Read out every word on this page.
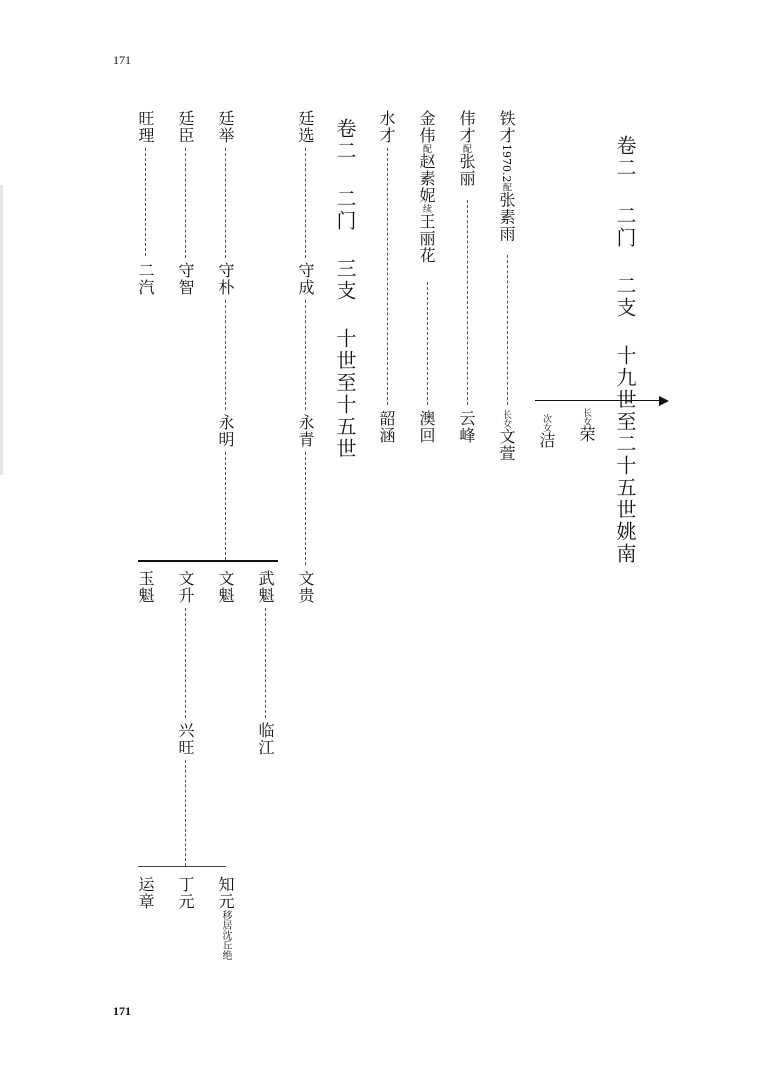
171
171
卷二 二门 二支 十九世至二十五世姚南
铁才1970.2配张素雨
长女文萱
伟才配张丽
云峰
金伟配赵素妮续王丽花
澳回
水才
韶涵	长女荣
次女洁
卷二 二门 三支 十世至十五世
廷选
守成
永青
文贵
廷举
守朴
永明
武魁
临江
文魁
文升
兴旺
知元移居沈丘绝
丁元
运章
玉魁
廷臣
守智
旺理
二汽
